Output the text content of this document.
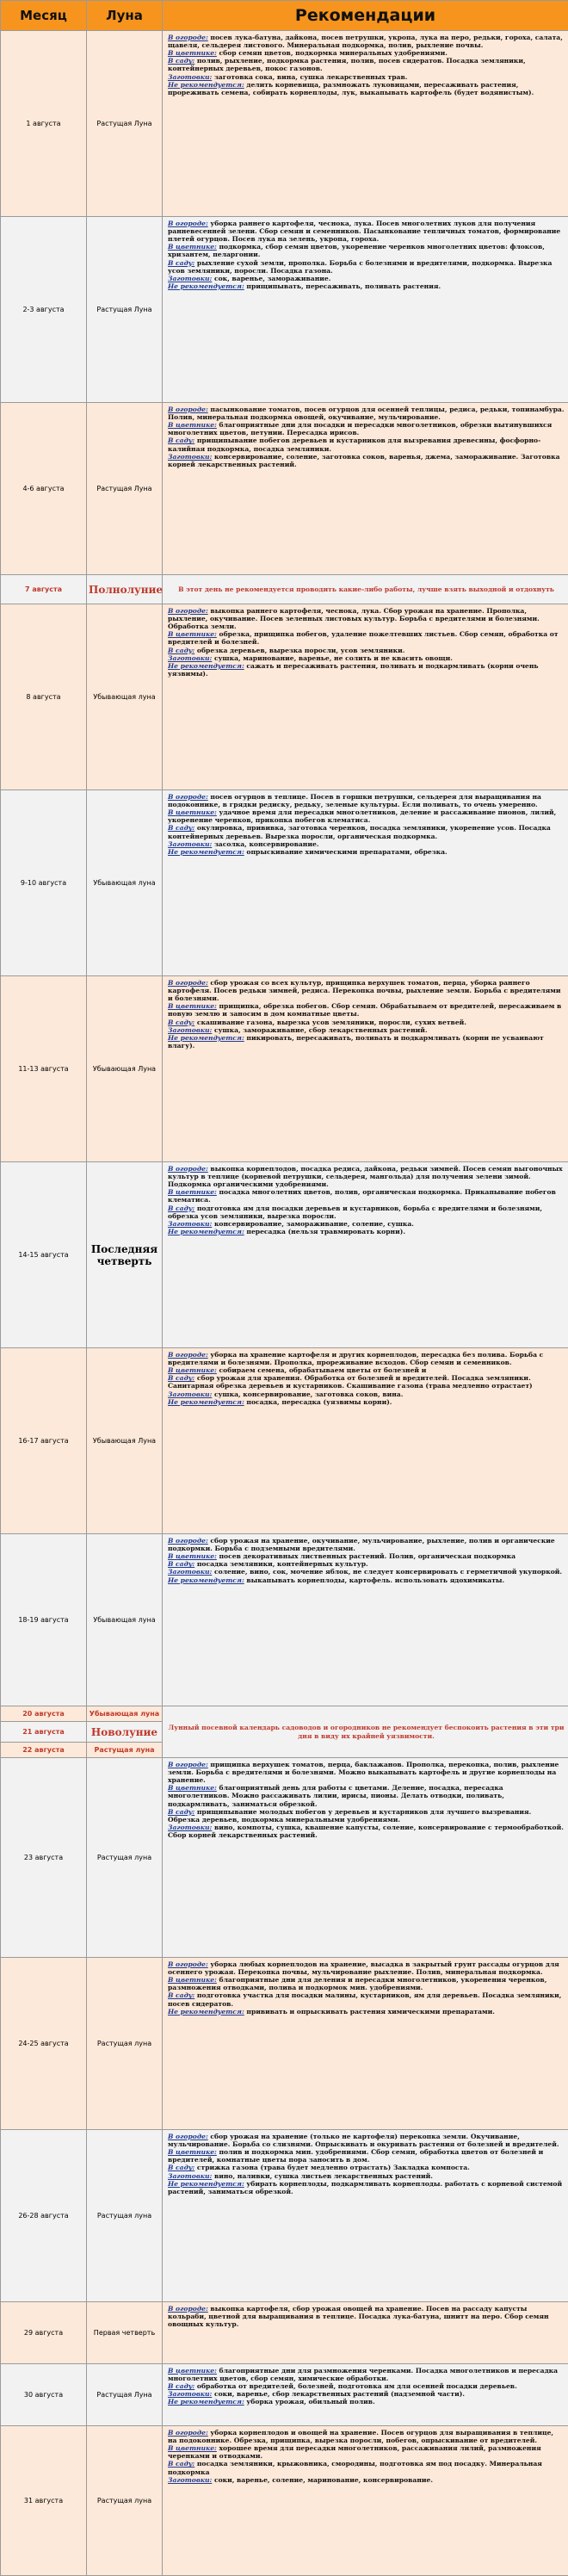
Месяц	Луна	Рекомендации
1 августа	Растущая Луна	В огороде: посев лука-батуна, дайкона, посев петрушки, укропа, лука на перо, редьки, гороха, салата, щавеля, сельдерея листового. Минеральная подкормка, полив, рыхление почвы.

В цветнике: сбор семян цветов, подкормка минеральных удобрениями.

В саду: полив, рыхление, подкормка растения, полив, посев сидератов. Посадка земляники, контейнерных деревьев, покос газонов.

Заготовки: заготовка сока, вина, сушка лекарственных трав.

Не рекомендуется: делить корневища, размножать луковицами, пересаживать растения, прореживать семена, собирать корнеплоды, лук, выкапывать картофель (будет водянистым).

2-3 августа	Растущая Луна	В огороде: уборка раннего картофеля, чеснока, лука. Посев многолетних луков для получения ранневесенней зелени. Сбор семян и семенников. Пасынкование тепличных томатов, формирование плетей огурцов. Посев лука на зелень, укропа, гороха.

В цветнике: подкормка, сбор семян цветов, укоренение черенков многолетних цветов: флоксов, хризантем, пеларгонии.

В саду: рыхление сухой земли, прополка. Борьба с болезнями и вредителями, подкормка. Вырезка усов земляники, поросли. Посадка газона.

Заготовки: сок, варенье, замораживание.

Не рекомендуется: прищипывать, пересаживать, поливать растения.

4-6 августа	Растущая Луна	В огороде: пасынкование томатов, посев огурцов для осенней теплицы, редиса, редьки, топинамбура. Полив, минеральная подкормка овощей, окучивание, мульчирование.

В цветнике: благоприятные дни для посадки и пересадки многолетников, обрезки вытянувшихся многолетних цветов, петунии. Пересадка ирисов.

В саду: прищипывание побегов деревьев и кустарников для вызревания древесины, фосфорно-калийная подкормка, посадка земляники.

Заготовки: консервирование, соление, заготовка соков, варенья, джема, замораживание. Заготовка корней лекарственных растений.

7 августа	Полнолуние	В этот день не рекомендуется проводить какие-либо работы, лучше взять выходной и отдохнуть
8 августа	Убывающая луна	В огороде: выкопка раннего картофеля, чеснока, лука. Сбор урожая на хранение. Прополка, рыхление, окучивание. Посев зеленных листовых культур. Борьба с вредителями и болезнями. Обработка земли.

В цветнике: обрезка, прищипка побегов, удаление пожелтевших листьев. Сбор семян, обработка от вредителей и болезней.

В саду: обрезка деревьев, вырезка поросли, усов земляники.

Заготовки: сушка, маринование, варенье, не солить и не квасить овощи.

Не рекомендуется: сажать и пересаживать растения, поливать и подкармливать (корни очень уязвимы).

9-10 августа	Убывающая луна	В огороде: посев огурцов в теплице. Посев в горшки петрушки, сельдерея для выращивания на подоконнике, в грядки редиску, редьку, зеленые культуры. Если поливать, то очень умеренно.

В цветнике: удачное время для пересадки многолетников, деление и рассаживание пионов, лилий, укоренение черенков, прикопка побегов клематиса.

В саду: окулировка, прививка, заготовка черенков, посадка земляники, укоренение усов. Посадка контейнерных деревьев. Вырезка поросли, органическая подкормка.

Заготовки: засолка, консервирование.

Не рекомендуется: опрыскивание химическими препаратами, обрезка.

11-13 августа	Убывающая Луна	В огороде: сбор урожая со всех культур, прищипка верхушек томатов, перца, уборка раннего картофеля. Посев редьки зимней, редиса. Перекопка почвы, рыхление земли. Борьба с вредителями и болезнями.

В цветнике: прищипка, обрезка побегов. Сбор семян. Обрабатываем от вредителей, пересаживаем в новую землю и заносим в дом комнатные цветы.

В саду: скашивание газона, вырезка усов земляники, поросли, сухих ветвей.

Заготовки: сушка, замораживание, сбор лекарственных растений.

Не рекомендуется: пикировать, пересаживать, поливать и подкармливать (корни не усваивают влагу).

14-15 августа	Последняя четверть	В огороде: выкопка корнеплодов, посадка редиса, дайкона, редьки зимней. Посев семян выгоночных культур в теплице (корневой петрушки, сельдерея, мангольда) для получения зелени зимой. Подкормка органическими удобрениями.

В цветнике: посадка многолетних цветов, полив, органическая подкормка. Прикапывание побегов клематиса.

В саду: подготовка ям для посадки деревьев и кустарников, борьба с вредителями и болезнями, обрезка усов земляники, вырезка поросли.

Заготовки: консервирование, замораживание, соление, сушка.

Не рекомендуется: пересадка (нельзя травмировать корни).

16-17 августа	Убывающая Луна	В огороде: уборка на хранение картофеля и других корнеплодов, пересадка без полива. Борьба с вредителями и болезнями. Прополка, прореживание всходов. Сбор семян и семенников.

В цветнике: собираем семена, обрабатываем цветы от болезней и

В саду: сбор урожая для хранения. Обработка от болезней и вредителей. Посадка земляники. Санитарная обрезка деревьев и кустарников. Скашивание газона (трава медленно отрастает)

Заготовки: сушка, консервирование, заготовка соков, вина.

Не рекомендуется: посадка, пересадка (уязвимы корни).

18-19 августа	Убывающая луна	В огороде: сбор урожая на хранение, окучивание, мульчирование, рыхление, полив и органические подкормки. Борьба с подземными вредителями.

В цветнике: посев декоративных лиственных растений. Полив, органическая подкормка

В саду: посадка земляники, контейнерных культур.

Заготовки: соление, вино, сок, мочение яблок, не следует консервировать с герметичной укупоркой.

Не рекомендуется: выкапывать корнеплоды, картофель. использовать ядохимикаты.

20 августа	Убывающая луна	Лунный посевной календарь садоводов и огородников не рекомендует беспокоить растения в эти три дня в виду их крайней уязвимости.
21 августа	Новолуние	
22 августа	Растущая луна	
23 августа	Растущая луна	В огороде: прищипка верхушек томатов, перца, баклажанов. Прополка, перекопка, полив, рыхление земли. Борьба с вредителями и болезнями. Можно выкапывать картофель и другие корнеплоды на хранение.

В цветнике: благоприятный день для работы с цветами. Деление, посадка, пересадка многолетников. Можно рассаживать лилии, ирисы, пионы. Делать отводки, поливать, подкармливать, заниматься обрезкой.

В саду: прищипывание молодых побегов у деревьев и кустарников для лучшего вызревания. Обрезка деревьев, подкормка минеральными удобрениями.

Заготовки: вино, компоты, сушка, квашение капусты, соление, консервирование с термообработкой. Сбор корней лекарственных растений.

24-25 августа	Растущая луна	В огороде: уборка любых корнеплодов на хранение, высадка в закрытый грунт рассады огурцов для осеннего урожая. Перекопка почвы, мульчирование рыхление. Полив, минеральная подкормка.

В цветнике: благоприятные дни для деления и пересадки многолетников, укоренения черенков, размножения отводками, полива и подкормок мин. удобрениями.

В саду: подготовка участка для посадки малины, кустарников, ям для деревьев. Посадка земляники, посев сидератов.

Не рекомендуется: прививать и опрыскивать растения химическими препаратами.

26-28 августа	Растущая луна	В огороде: сбор урожая на хранение (только не картофеля) перекопка земли. Окучивание, мульчирование. Борьба со слизнями. Опрыскивать и окуривать растения от болезней и вредителей.

В цветнике: полив и подкормка мин. удобрениями. Сбор семян, обработка цветов от болезней и вредителей, комнатные цветы пора заносить в дом.

В саду: стрижка газона (трава будет медленно отрастать) Закладка компоста.

Заготовки: вино, наливки, сушка листьев лекарственных растений.

Не рекомендуется: убирать корнеплоды, подкармливать корнеплоды. работать с корневой системой растений, заниматься обрезкой.

29 августа	Первая четверть	В огороде: выкопка картофеля, сбор урожая овощей на хранение. Посев на рассаду капусты кольраби, цветной для выращивания в теплице. Посадка лука-батуна, шнитт на перо. Сбор семян овощных культур.

30 августа	Растущая Луна	В цветнике: благоприятные дни для размножения черенками. Посадка многолетников и пересадка многолетних цветов, сбор семян, химические обработки.

В саду: обработка от вредителей, болезней, подготовка ям для осенней посадки деревьев.

Заготовки: соки, варенье, сбор лекарственных растений (надземной части).

Не рекомендуется: уборка урожая, обильный полив.

31 августа	Растущая луна	В огороде: уборка корнеплодов и овощей на хранение. Посев огурцов для выращивания в теплице, на подоконнике. Обрезка, прищипка, вырезка поросли, побегов, опрыскивание от вредителей.

В цветнике: хорошее время для пересадки многолетников, рассаживания лилий, размножения черенками и отводками.

В саду: посадка земляники, крыжовника, смородины, подготовка ям под посадку. Минеральная подкормка

Заготовки: соки, варенье, соление, маринование, консервирование.
